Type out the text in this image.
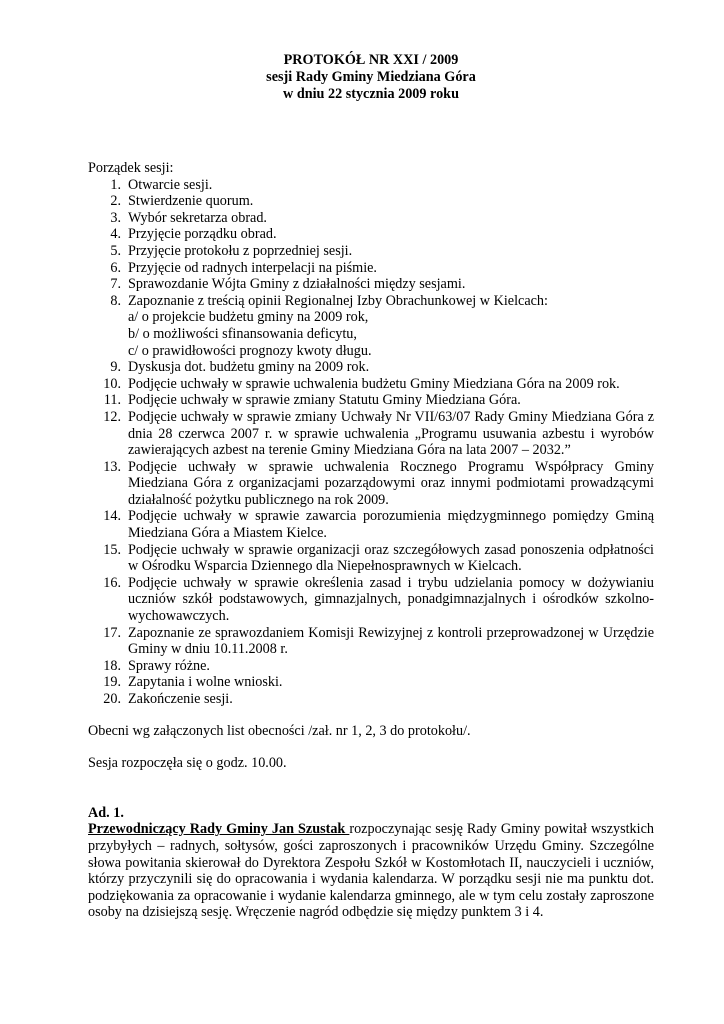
PROTOKÓŁ NR XXI / 2009
sesji Rady Gminy Miedziana Góra
w dniu 22 stycznia 2009 roku
Porządek sesji:
1. Otwarcie sesji.
2. Stwierdzenie quorum.
3. Wybór sekretarza obrad.
4. Przyjęcie porządku obrad.
5. Przyjęcie protokołu z poprzedniej sesji.
6. Przyjęcie od radnych interpelacji na piśmie.
7. Sprawozdanie Wójta Gminy z działalności między sesjami.
8. Zapoznanie z treścią opinii Regionalnej Izby Obrachunkowej w Kielcach:
a/ o projekcie budżetu gminy na 2009 rok,
b/ o możliwości sfinansowania deficytu,
c/ o prawidłowości prognozy kwoty długu.
9. Dyskusja dot. budżetu gminy na 2009 rok.
10. Podjęcie uchwały w sprawie uchwalenia budżetu Gminy Miedziana Góra na 2009 rok.
11. Podjęcie uchwały w sprawie zmiany Statutu Gminy Miedziana Góra.
12. Podjęcie uchwały w sprawie zmiany Uchwały Nr VII/63/07 Rady Gminy Miedziana Góra z dnia 28 czerwca 2007 r. w sprawie uchwalenia „Programu usuwania azbestu i wyrobów zawierających azbest na terenie Gminy Miedziana Góra na lata 2007 – 2032.”
13. Podjęcie uchwały w sprawie uchwalenia Rocznego Programu Współpracy Gminy Miedziana Góra z organizacjami pozarządowymi oraz innymi podmiotami prowadzącymi działalność pożytku publicznego na rok 2009.
14. Podjęcie uchwały w sprawie zawarcia porozumienia międzygminnego pomiędzy Gminą Miedziana Góra a Miastem Kielce.
15. Podjęcie uchwały w sprawie organizacji oraz szczegółowych zasad ponoszenia odpłatności w Ośrodku Wsparcia Dziennego dla Niepełnosprawnych w Kielcach.
16. Podjęcie uchwały w sprawie określenia zasad i trybu udzielania pomocy w dożywianiu uczniów szkół podstawowych, gimnazjalnych, ponadgimnazjalnych i ośrodków szkolno-wychowawczych.
17. Zapoznanie ze sprawozdaniem Komisji Rewizyjnej z kontroli przeprowadzonej w Urzędzie Gminy w dniu 10.11.2008 r.
18. Sprawy różne.
19. Zapytania i wolne wnioski.
20. Zakończenie sesji.
Obecni wg załączonych list obecności /zał. nr 1, 2, 3 do protokołu/.
Sesja rozpoczęła się o godz. 10.00.
Ad. 1.
Przewodniczący Rady Gminy Jan Szustak rozpoczynając sesję Rady Gminy powitał wszystkich przybyłych – radnych, sołtysów, gości zaproszonych i pracowników Urzędu Gminy. Szczególne słowa powitania skierował do Dyrektora Zespołu Szkół w Kostomłotach II, nauczycieli i uczniów, którzy przyczynili się do opracowania i wydania kalendarza. W porządku sesji nie ma punktu dot. podziękowania za opracowanie i wydanie kalendarza gminnego, ale w tym celu zostały zaproszone osoby na dzisiejszą sesję. Wręczenie nagród odbędzie się między punktem 3 i 4.
